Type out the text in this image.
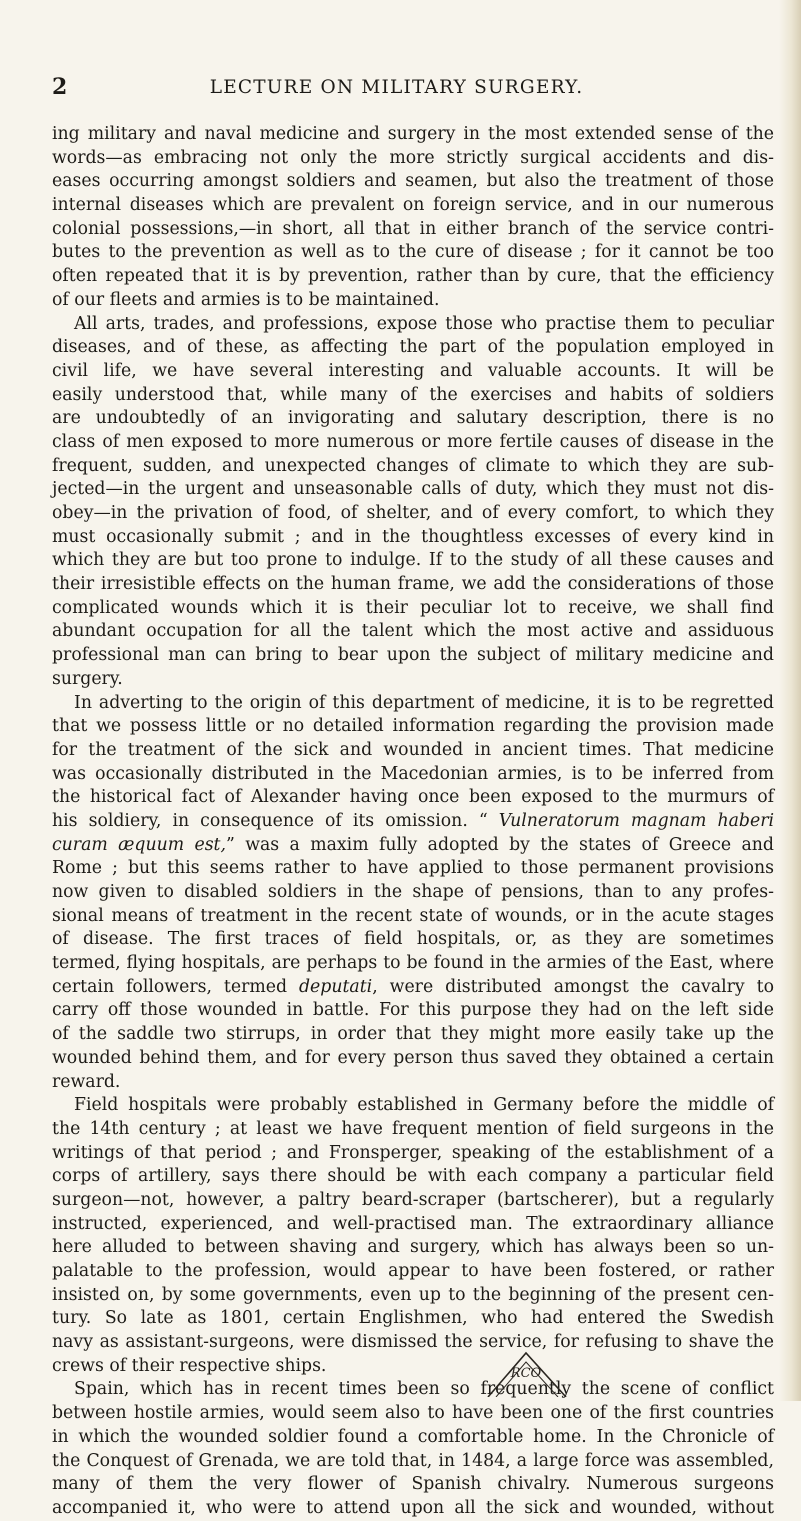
2	LECTURE ON MILITARY SURGERY.
ing military and naval medicine and surgery in the most extended sense of the
words—as embracing not only the more strictly surgical accidents and dis-
eases occurring amongst soldiers and seamen, but also the treatment of those
internal diseases which are prevalent on foreign service, and in our numerous
colonial possessions,—in short, all that in either branch of the service contri-
butes to the prevention as well as to the cure of disease ; for it cannot be too
often repeated that it is by prevention, rather than by cure, that the efficiency
of our fleets and armies is to be maintained.
All arts, trades, and professions, expose those who practise them to peculiar
diseases, and of these, as affecting the part of the population employed in
civil life, we have several interesting and valuable accounts. It will be
easily understood that, while many of the exercises and habits of soldiers
are undoubtedly of an invigorating and salutary description, there is no
class of men exposed to more numerous or more fertile causes of disease in the
frequent, sudden, and unexpected changes of climate to which they are sub-
jected—in the urgent and unseasonable calls of duty, which they must not dis-
obey—in the privation of food, of shelter, and of every comfort, to which they
must occasionally submit ; and in the thoughtless excesses of every kind in
which they are but too prone to indulge. If to the study of all these causes and
their irresistible effects on the human frame, we add the considerations of those
complicated wounds which it is their peculiar lot to receive, we shall find
abundant occupation for all the talent which the most active and assiduous
professional man can bring to bear upon the subject of military medicine and
surgery.
In adverting to the origin of this department of medicine, it is to be regretted
that we possess little or no detailed information regarding the provision made
for the treatment of the sick and wounded in ancient times. That medicine
was occasionally distributed in the Macedonian armies, is to be inferred from
the historical fact of Alexander having once been exposed to the murmurs of
his soldiery, in consequence of its omission. “ Vulneratorum magnam haberi
curam æquum est,” was a maxim fully adopted by the states of Greece and
Rome ; but this seems rather to have applied to those permanent provisions
now given to disabled soldiers in the shape of pensions, than to any profes-
sional means of treatment in the recent state of wounds, or in the acute stages
of disease. The first traces of field hospitals, or, as they are sometimes
termed, flying hospitals, are perhaps to be found in the armies of the East, where
certain followers, termed deputati, were distributed amongst the cavalry to
carry off those wounded in battle. For this purpose they had on the left side
of the saddle two stirrups, in order that they might more easily take up the
wounded behind them, and for every person thus saved they obtained a certain
reward.
Field hospitals were probably established in Germany before the middle of
the 14th century ; at least we have frequent mention of field surgeons in the
writings of that period ; and Fronsperger, speaking of the establishment of a
corps of artillery, says there should be with each company a particular field
surgeon—not, however, a paltry beard-scraper (bartscherer), but a regularly
instructed, experienced, and well-practised man. The extraordinary alliance
here alluded to between shaving and surgery, which has always been so un-
palatable to the profession, would appear to have been fostered, or rather
insisted on, by some governments, even up to the beginning of the present cen-
tury. So late as 1801, certain Englishmen, who had entered the Swedish
navy as assistant-surgeons, were dismissed the service, for refusing to shave the
crews of their respective ships.
Spain, which has in recent times been so frequently the scene of conflict
between hostile armies, would seem also to have been one of the first countries
in which the wounded soldier found a comfortable home. In the Chronicle of
the Conquest of Grenada, we are told that, in 1484, a large force was assembled,
many of them the very flower of Spanish chivalry. Numerous surgeons
accompanied it, who were to attend upon all the sick and wounded, without
RCO
